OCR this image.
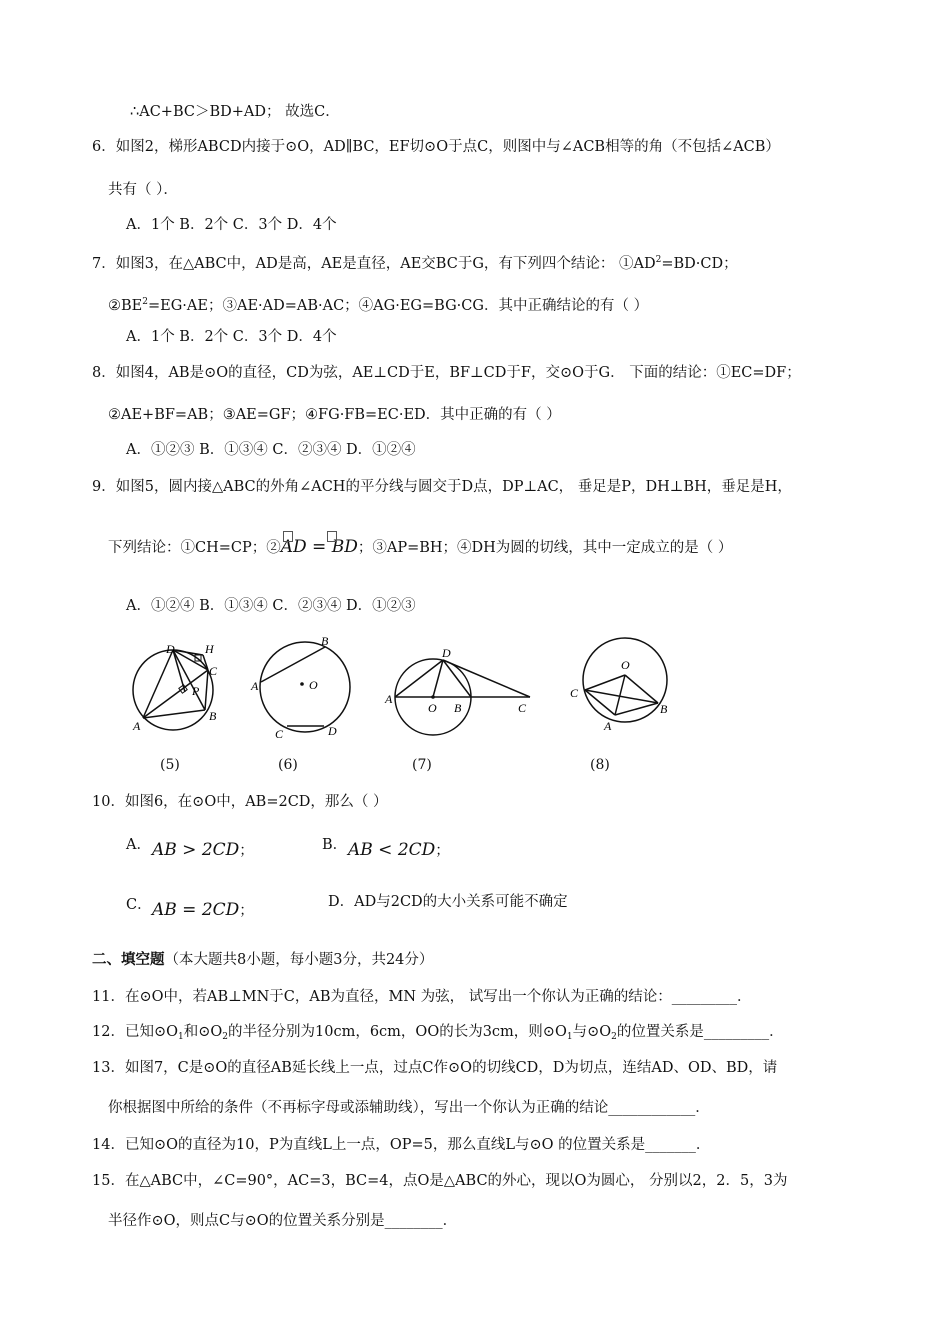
∴AC+BC＞BD+AD； 故选C．
6．如图2，梯形ABCD内接于⊙O，AD∥BC，EF切⊙O于点C，则图中与∠ACB相等的角（不包括∠ACB）
共有（ ）．
A．1个 B．2个 C．3个 D．4个
7．如图3，在△ABC中，AD是高，AE是直径，AE交BC于G，有下列四个结论： $①AD^2=BD\cdot CD$；
$②BE^2=EG\cdot AE$；③AE·AD=AB·AC；④AG·EG=BG·CG．其中正确结论的有（ ）
A．1个 B．2个 C．3个 D．4个
8．如图4，AB是⊙O的直径，CD为弦，AE⊥CD于E，BF⊥CD于F，交⊙O于G． 下面的结论：①EC=DF；
②AE+BF=AB；③AE=GF；④FG·FB=EC·ED．其中正确的有（ ）
A．①②③ B．①③④ C．②③④ D．①②④
9．如图5，圆内接△ABC的外角∠ACH的平分线与圆交于D点，DP⊥AC， 垂足是P，DH⊥BH，垂足是H，
下列结论：①CH=CP；②
AD = BD；③AP=BH；④DH为圆的切线，其中一定成立的是（ ）
A．①②④ B．①③④ C．②③④ D．①②③
D	H
C
P
A
B
B
A	O
C	D
D
A
O B	C
O
C
B
A
(5)	(6)	(7)	(8)
10．如图6，在⊙O中，AB=2CD，那么（ ）
A． AB > 2CD；	B． AB < 2CD；
C． AB = 2CD；
D．AD与2CD的大小关系可能不确定
二、填空题（本大题共8小题，每小题3分，共24分）
11．在⊙O中，若AB⊥MN于C，AB为直径，MN 为弦， 试写出一个你认为正确的结论：_________．
12．已知$⊙O_1$和$⊙O_2$的半径分别为10cm，6cm，OO的长为3cm，则$⊙O_1$与$⊙O_2$的位置关系是_________．
13．如图7，C是⊙O的直径AB延长线上一点，过点C作⊙O的切线CD，D为切点，连结AD、OD、BD，请
你根据图中所给的条件（不再标字母或添辅助线），写出一个你认为正确的结论____________．
14．已知⊙O的直径为10，P为直线L上一点，OP=5，那么直线L与⊙O 的位置关系是_______．
15．在△ABC中，∠C=90°，AC=3，BC=4，点O是△ABC的外心，现以O为圆心， 分别以2，2．5，3为
半径作⊙O，则点C与⊙O的位置关系分别是________．
